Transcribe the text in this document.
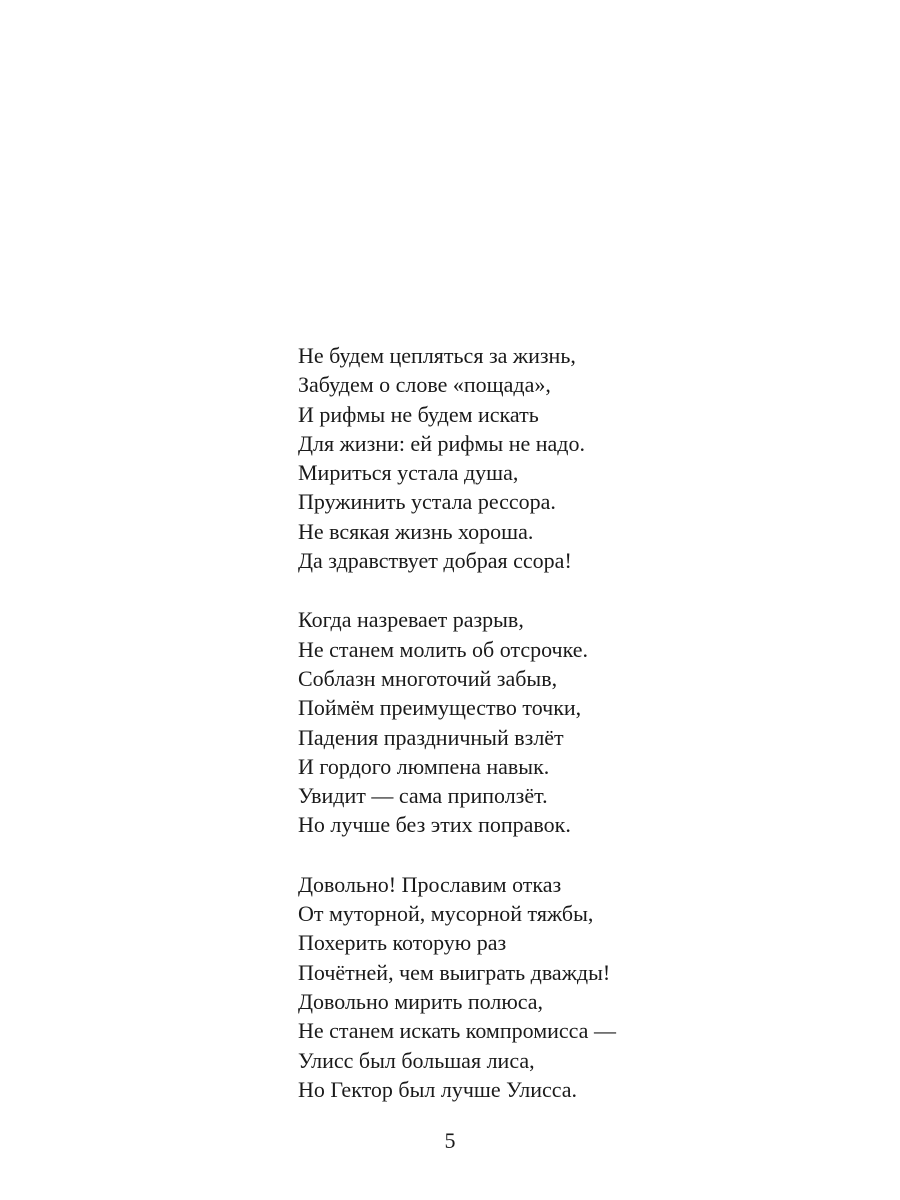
Не будем цепляться за жизнь,
Забудем о слове «пощада»,
И рифмы не будем искать
Для жизни: ей рифмы не надо.
Мириться устала душа,
Пружинить устала рессора.
Не всякая жизнь хороша.
Да здравствует добрая ссора!
Когда назревает разрыв,
Не станем молить об отсрочке.
Соблазн многоточий забыв,
Поймём преимущество точки,
Падения праздничный взлёт
И гордого люмпена навык.
Увидит — сама приползёт.
Но лучше без этих поправок.
Довольно! Прославим отказ
От муторной, мусорной тяжбы,
Похерить которую раз
Почётней, чем выиграть дважды!
Довольно мирить полюса,
Не станем искать компромисса —
Улисс был большая лиса,
Но Гектор был лучше Улисса.
5
